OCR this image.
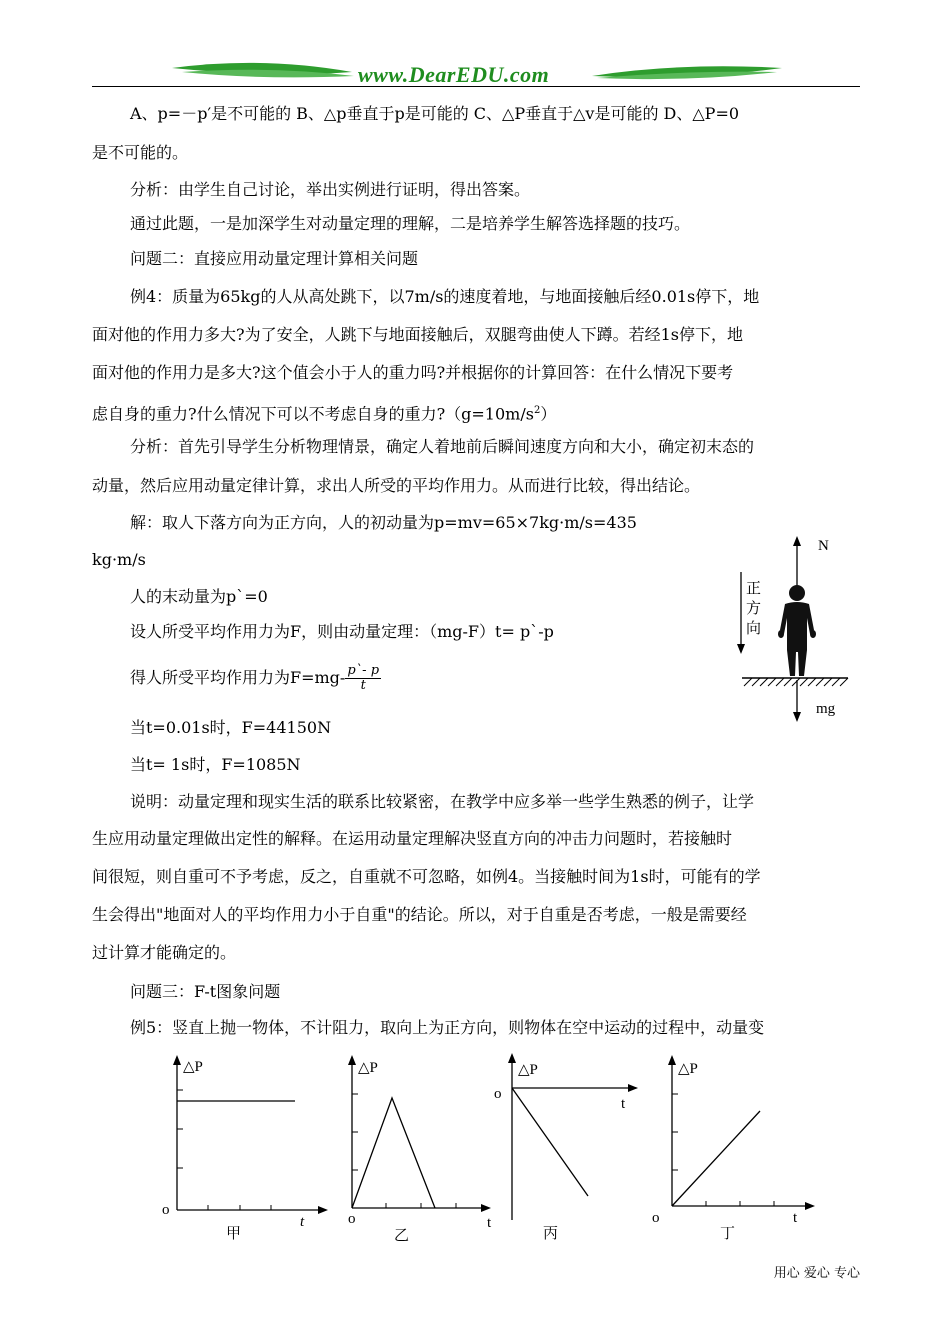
www.DearEDU.com
A、p=－p′是不可能的 B、△p垂直于p是可能的 C、△P垂直于△v是可能的 D、△P=0
是不可能的。
分析：由学生自己讨论，举出实例进行证明，得出答案。
通过此题，一是加深学生对动量定理的理解，二是培养学生解答选择题的技巧。
问题二：直接应用动量定理计算相关问题
例4：质量为65kg的人从高处跳下，以7m/s的速度着地，与地面接触后经0.01s停下，地
面对他的作用力多大?为了安全，人跳下与地面接触后，双腿弯曲使人下蹲。若经1s停下，地
面对他的作用力是多大?这个值会小于人的重力吗?并根据你的计算回答：在什么情况下要考
虑自身的重力?什么情况下可以不考虑自身的重力$?(g=10m/s^2)$
分析：首先引导学生分析物理情景，确定人着地前后瞬间速度方向和大小，确定初末态的
动量，然后应用动量定律计算，求出人所受的平均作用力。从而进行比较，得出结论。
解：取人下落方向为正方向，人的初动量为p=mv=65×7kg·m/s=435
kg·m/s
人的末动量为p`=0
设人所受平均作用力为F，则由动量定理：（mg-F）t= p`-p
得人所受平均作用力为$F=mg- \frac{p`- p}{t}$
当t=0.01s时，F=44150N
当t= 1s时，F=1085N
说明：动量定理和现实生活的联系比较紧密，在教学中应多举一些学生熟悉的例子，让学
生应用动量定理做出定性的解释。在运用动量定理解决竖直方向的冲击力问题时，若接触时
间很短，则自重可不予考虑，反之，自重就不可忽略，如例4。当接触时间为1s时，可能有的学
生会得出"地面对人的平均作用力小于自重"的结论。所以，对于自重是否考虑，一般是需要经
过计算才能确定的。
问题三：F-t图象问题
例5：竖直上抛一物体，不计阻力，取向上为正方向，则物体在空中运动的过程中，动量变
N
正
方
向
mg
△P
o
t
甲
△P
o	t
乙
△P
o
t
丙
△P
o	t
丁
用心 爱心 专心
